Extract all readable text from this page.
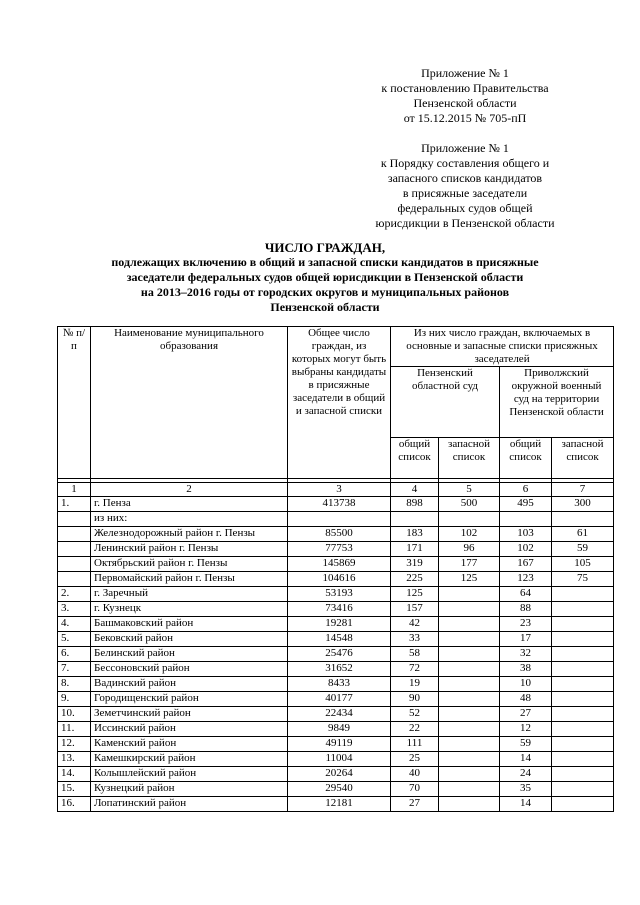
Приложение № 1
к постановлению Правительства
Пензенской области
от 15.12.2015 № 705-пП
Приложение № 1
к Порядку составления общего и
запасного списков кандидатов
в присяжные заседатели
федеральных судов общей
юрисдикции в Пензенской области
ЧИСЛО ГРАЖДАН,
подлежащих включению в общий и запасной списки кандидатов в присяжные
заседатели федеральных судов общей юрисдикции в Пензенской области
на 2013–2016 годы от городских округов и муниципальных районов
Пензенской области
№ п/п	Наименование муниципального образования	Общее число граждан, из которых могут быть выбраны кандидаты в присяжные заседатели в общий и запасной списки	Из них число граждан, включаемых в основные и запасные списки присяжных заседателей			
			Пензенский областной суд		Приволжский окружной военный суд на территории Пензенской области	
			общий список	запасной список	общий список	запасной список

1	2	3	4	5	6	7
1.	г. Пенза	413738	898	500	495	300
	из них:					
	Железнодорожный район г. Пензы	85500	183	102	103	61
	Ленинский район г. Пензы	77753	171	96	102	59
	Октябрьский район г. Пензы	145869	319	177	167	105
	Первомайский район г. Пензы	104616	225	125	123	75
2.	г. Заречный	53193	125		64	
3.	г. Кузнецк	73416	157		88	
4.	Башмаковский район	19281	42		23	
5.	Бековский район	14548	33		17	
6.	Белинский район	25476	58		32	
7.	Бессоновский район	31652	72		38	
8.	Вадинский район	8433	19		10	
9.	Городищенский район	40177	90		48	
10.	Земетчинский район	22434	52		27	
11.	Иссинский район	9849	22		12	
12.	Каменский район	49119	111		59	
13.	Камешкирский район	11004	25		14	
14.	Колышлейский район	20264	40		24	
15.	Кузнецкий район	29540	70		35	
16.	Лопатинский район	12181	27		14	
